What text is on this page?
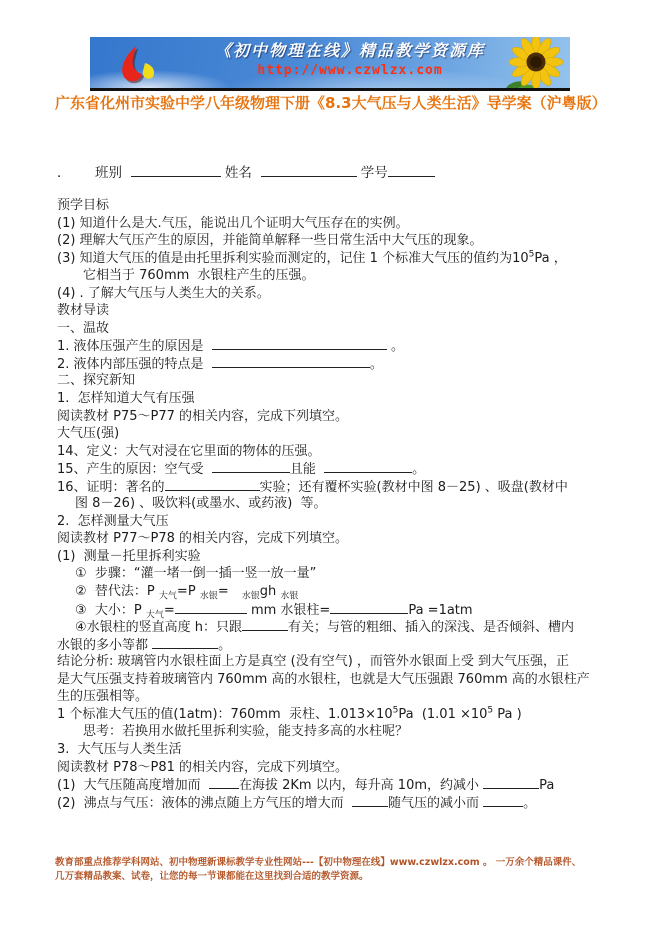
《初中物理在线》精品教学资源库
http://www.czwlzx.com
广东省化州市实验中学八年级物理下册《8.3大气压与人类生活》导学案（沪粤版）
．　　 班别	姓名	学号
预学目标
(1) 知道什么是大.气压，能说出几个证明大气压存在的实例。
(2) 理解大气压产生的原因，并能简单解释一些日常生活中大气压的现象。
(3) 知道大气压的值是由托里拆利实验而测定的，记住 1 个标准大气压的值约为$10^5Pa$ ，
它相当于 760mm  水银柱产生的压强。
(4) . 了解大气压与人类生大的关系。
教材导读
一、温故
1. 液体压强产生的原因是	。
2. 液体内部压强的特点是	。
二、探究新知
1.  怎样知道大气有压强
阅读教材 P75～P77 的相关内容，完成下列填空。
大气压(强)
14、定义：大气对浸在它里面的物体的压强。
15、产生的原因：空气受	且能	。
16、证明：著名的	实验；还有覆杯实验(教材中图 8－25) 、吸盘(教材中
图 8－26) 、吸饮料(或墨水、或药液)  等。
2.  怎样测量大气压
阅读教材 P77～P78 的相关内容，完成下列填空。
(1)  测量－托里拆利实验
①  步骤：“灌一堵一倒一插一竖一放一量”
②  替代法：P $_{大气}$=P $_{水银}$=　$_{水银}$gh $_{水银}$
③  大小：P $_{大气}$=	mm 水银柱=	Pa =1atm
④水银柱的竖直高度 h：只跟	有关；与管的粗细、插入的深浅、是否倾斜、槽内
水银的多小等都	。
结论分析: 玻璃管内水银柱面上方是真空 (没有空气) ，而管外水银面上受 到大气压强，正
是大气压强支持着玻璃管内 760mm 高的水银柱，也就是大气压强跟 760mm 高的水银柱产
生的压强相等。
1 个标准大气压的值(1atm)：760mm  汞柱、$1.013\times 10^5Pa$  ($1.01 \times 10^5$ Pa )
思考：若换用水做托里拆利实验，能支持多高的水柱呢？
3.  大气压与人类生活
阅读教材 P78～P81 的相关内容，完成下列填空。
(1)  大气压随高度增加而  在海拔 2Km 以内，每升高 10m，约减小	Pa
(2)  沸点与气压：液体的沸点随上方气压的增大而	随气压的减小而	。
教育部重点推荐学科网站、初中物理新课标教学专业性网站---【初中物理在线】www.czwlzx.com 。 一万余个精品课件、
几万套精品教案、试卷，让您的每一节课都能在这里找到合适的教学资源。
